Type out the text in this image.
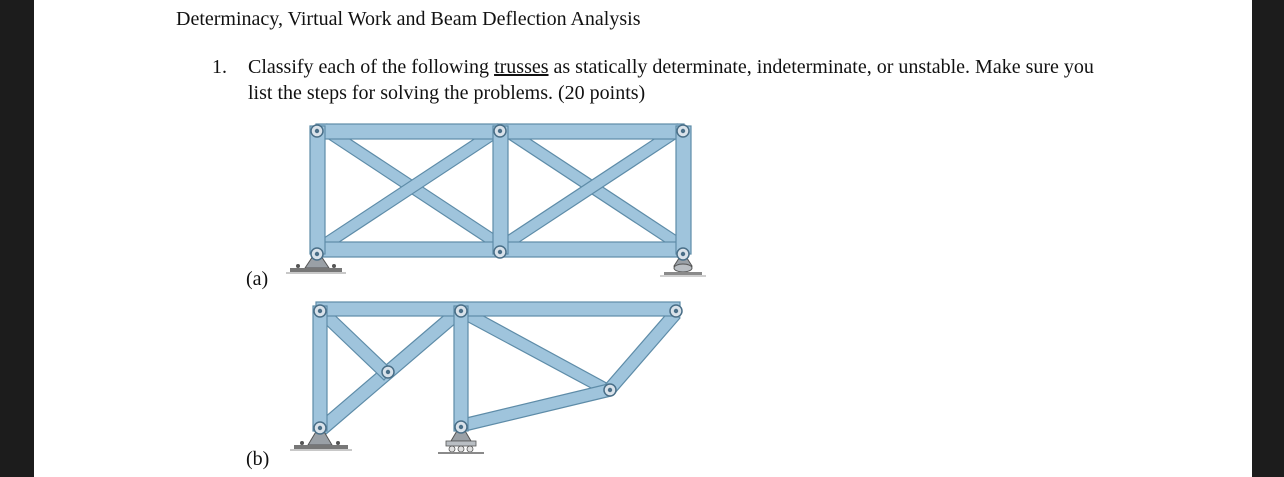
Determinacy, Virtual Work and Beam Deflection Analysis
1. Classify each of the following trusses as statically determinate, indeterminate, or unstable. Make sure you list the steps for solving the problems. (20 points)
(a)
(b)
